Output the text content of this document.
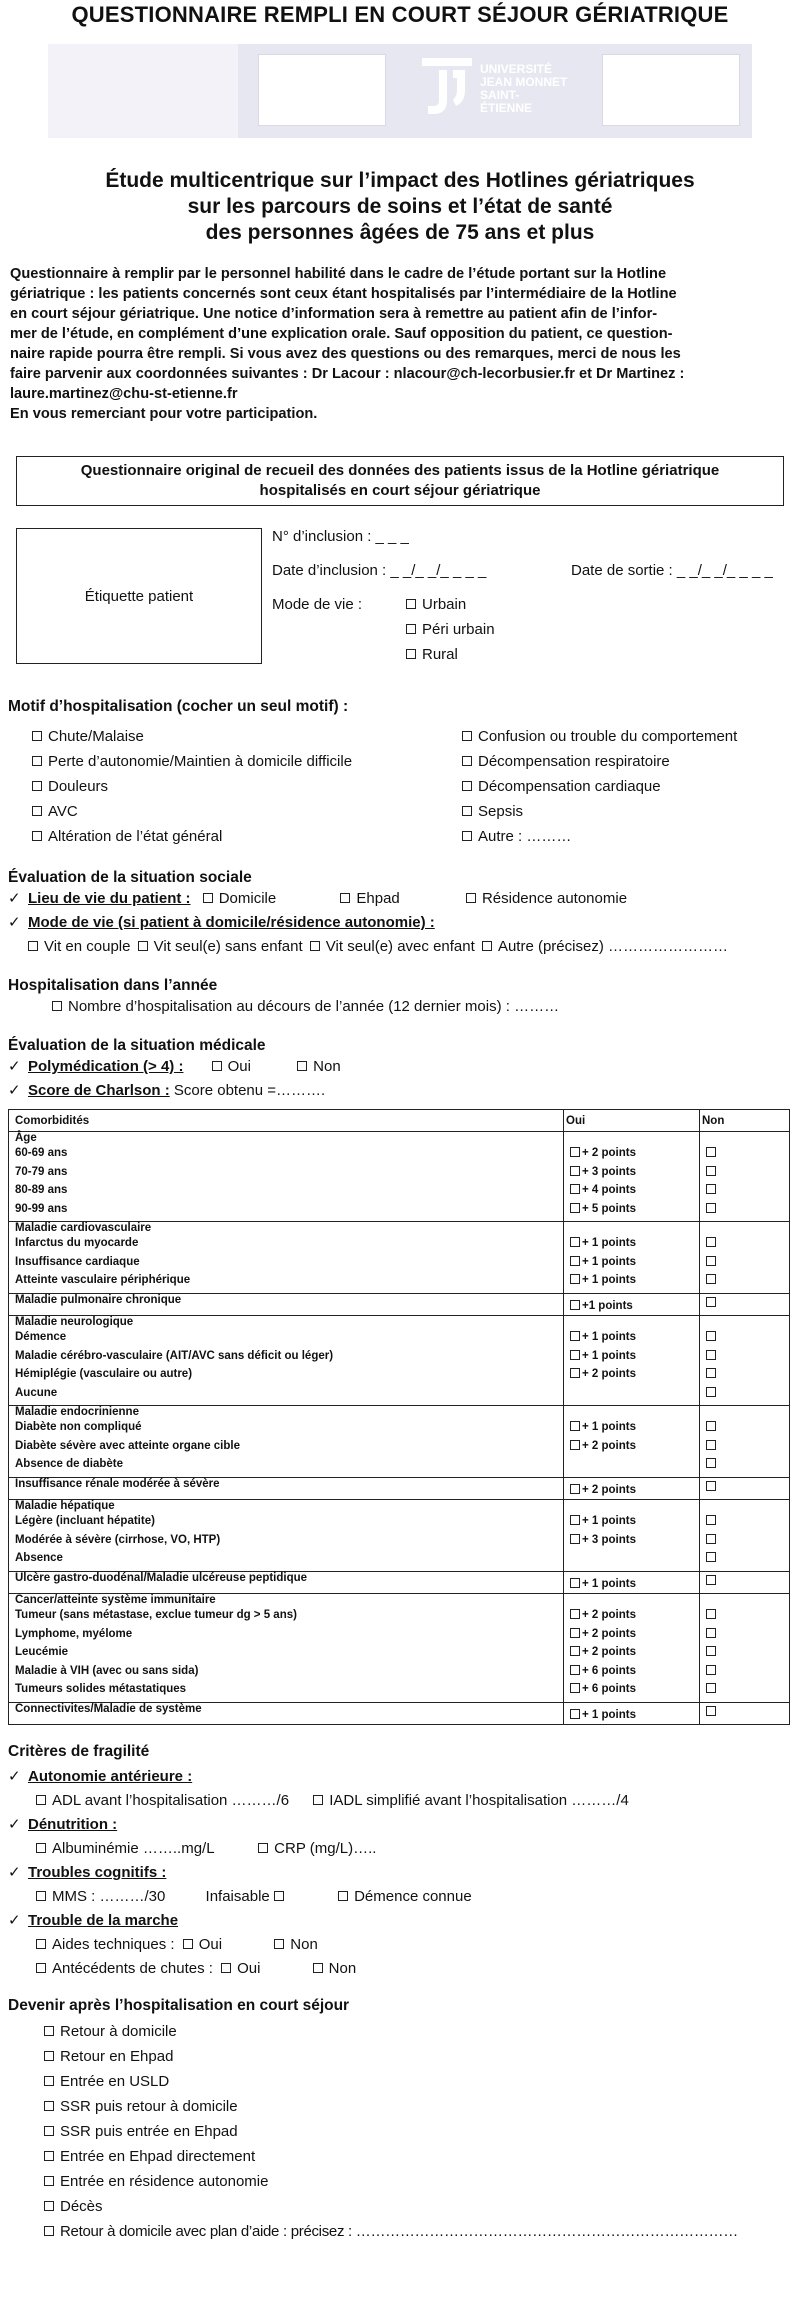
QUESTIONNAIRE REMPLI EN COURT SÉJOUR GÉRIATRIQUE
UNIVERSITÉ JEAN MONNET SAINT-ÉTIENNE
Étude multicentrique sur l’impact des Hotlines gériatriques
sur les parcours de soins et l’état de santé
des personnes âgées de 75 ans et plus
Questionnaire à remplir par le personnel habilité dans le cadre de l’étude portant sur la Hotline
gériatrique : les patients concernés sont ceux étant hospitalisés par l’intermédiaire de la Hotline
en court séjour gériatrique. Une notice d’information sera à remettre au patient afin de l’infor-
mer de l’étude, en complément d’une explication orale. Sauf opposition du patient, ce question-
naire rapide pourra être rempli. Si vous avez des questions ou des remarques, merci de nous les
faire parvenir aux coordonnées suivantes : Dr Lacour : nlacour@ch-lecorbusier.fr et Dr Martinez :
laure.martinez@chu-st-etienne.fr
En vous remerciant pour votre participation.
Questionnaire original de recueil des données des patients issus de la Hotline gériatrique
hospitalisés en court séjour gériatrique
Étiquette patient
N° d’inclusion : _ _ _
Date d’inclusion : _ _/_ _/_ _ _ _	Date de sortie : _ _/_ _/_ _ _ _
Mode de vie :	Urbain
Péri urbain
Rural
Motif d’hospitalisation (cocher un seul motif) :
Chute/Malaise
Perte d’autonomie/Maintien à domicile difficile
Douleurs
AVC
Altération de l’état général
Confusion ou trouble du comportement
Décompensation respiratoire
Décompensation cardiaque
Sepsis
Autre : ………
Évaluation de la situation sociale
✓ Lieu de vie du patient : Domicile	Ehpad	Résidence autonomie
✓ Mode de vie (si patient à domicile/résidence autonomie) :
Vit en couple Vit seul(e) sans enfant Vit seul(e) avec enfant Autre (précisez) ……………………
Hospitalisation dans l’année
Nombre d’hospitalisation au décours de l’année (12 dernier mois) : ………
Évaluation de la situation médicale
✓ Polymédication (> 4) :	Oui	Non
✓ Score de Charlson : Score obtenu =……….
Comorbidités	Oui	Non
Âge		
60-69 ans	+ 2 points	
70-79 ans	+ 3 points	
80-89 ans	+ 4 points	
90-99 ans	+ 5 points	
Maladie cardiovasculaire		
Infarctus du myocarde	+ 1 points	
Insuffisance cardiaque	+ 1 points	
Atteinte vasculaire périphérique	+ 1 points	
Maladie pulmonaire chronique	+1 points	
Maladie neurologique		
Démence	+ 1 points	
Maladie cérébro-vasculaire (AIT/AVC sans déficit ou léger)	+ 1 points	
Hémiplégie (vasculaire ou autre)	+ 2 points	
Aucune		
Maladie endocrinienne		
Diabète non compliqué	+ 1 points	
Diabète sévère avec atteinte organe cible	+ 2 points	
Absence de diabète		
Insuffisance rénale modérée à sévère	+ 2 points	
Maladie hépatique		
Légère (incluant hépatite)	+ 1 points	
Modérée à sévère (cirrhose, VO, HTP)	+ 3 points	
Absence		
Ulcère gastro-duodénal/Maladie ulcéreuse peptidique	+ 1 points	
Cancer/atteinte système immunitaire		
Tumeur (sans métastase, exclue tumeur dg > 5 ans)	+ 2 points	
Lymphome, myélome	+ 2 points	
Leucémie	+ 2 points	
Maladie à VIH (avec ou sans sida)	+ 6 points	
Tumeurs solides métastatiques	+ 6 points	
Connectivites/Maladie de système	+ 1 points	
Critères de fragilité
✓ Autonomie antérieure :
ADL avant l’hospitalisation ………/6	IADL simplifié avant l’hospitalisation ………/4
✓ Dénutrition :
Albuminémie ……..mg/L	CRP (mg/L)…..
✓ Troubles cognitifs :
MMS : ………/30	Infaisable	Démence connue
✓ Trouble de la marche
Aides techniques : Oui	Non
Antécédents de chutes : Oui	Non
Devenir après l’hospitalisation en court séjour
Retour à domicile
Retour en Ehpad
Entrée en USLD
SSR puis retour à domicile
SSR puis entrée en Ehpad
Entrée en Ehpad directement
Entrée en résidence autonomie
Décès
Retour à domicile avec plan d’aide : précisez : ……………………………………………………………………
